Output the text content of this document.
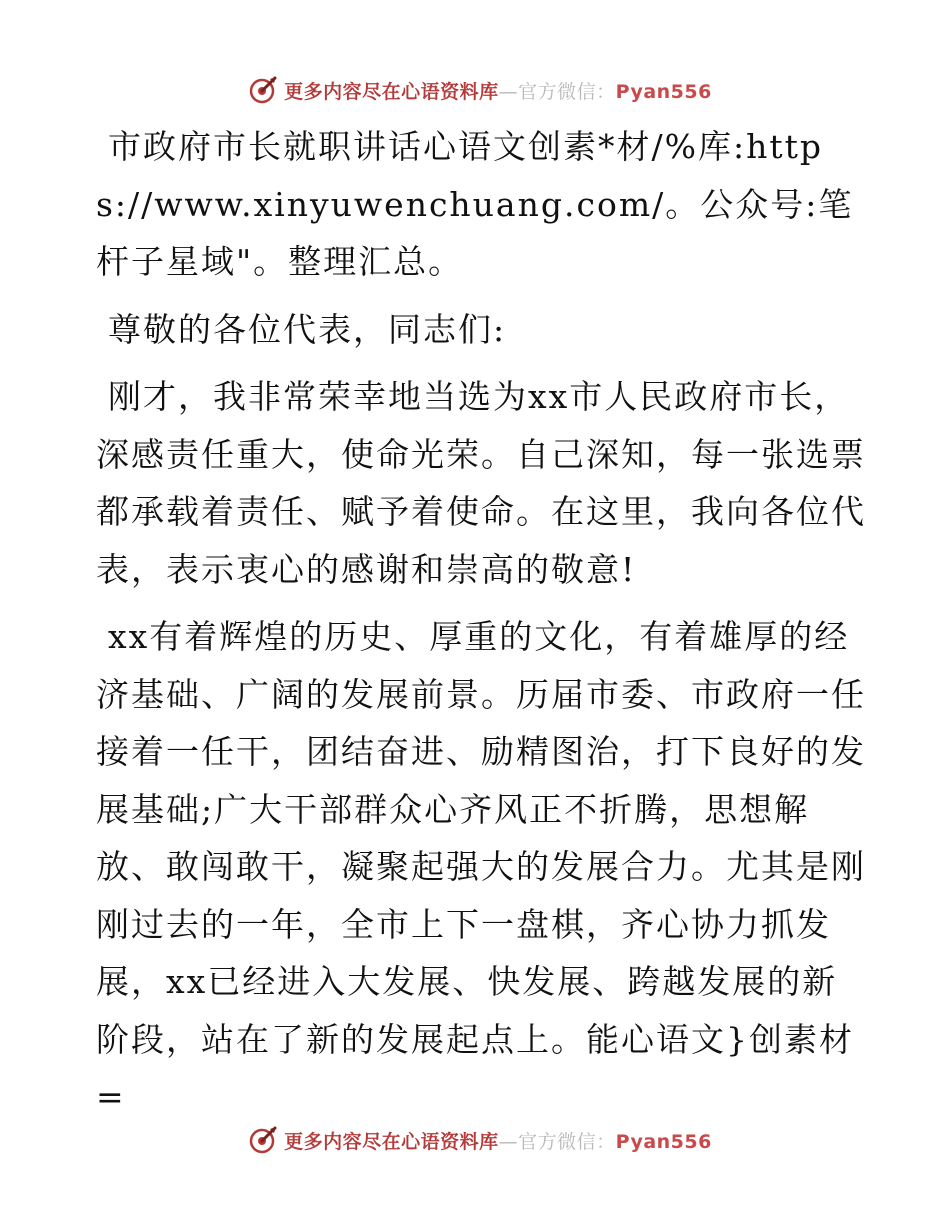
更多内容尽在心语资料库—官方微信：Pyan556

市政府市长就职讲话心语文创素*材/%库:https://www.xinyuwenchuang.com/。公众号:笔杆子星域"。整理汇总。

尊敬的各位代表，同志们:

刚才，我非常荣幸地当选为xx市人民政府市长，深感责任重大，使命光荣。自己深知，每一张选票都承载着责任、赋予着使命。在这里，我向各位代表，表示衷心的感谢和崇高的敬意!

xx有着辉煌的历史、厚重的文化，有着雄厚的经济基础、广阔的发展前景。历届市委、市政府一任接着一任干，团结奋进、励精图治，打下良好的发展基础;广大干部群众心齐风正不折腾，思想解放、敢闯敢干，凝聚起强大的发展合力。尤其是刚刚过去的一年，全市上下一盘棋，齐心协力抓发展，xx已经进入大发展、快发展、跨越发展的新阶段，站在了新的发展起点上。能心语文}创素材=

更多内容尽在心语资料库—官方微信：Pyan556
